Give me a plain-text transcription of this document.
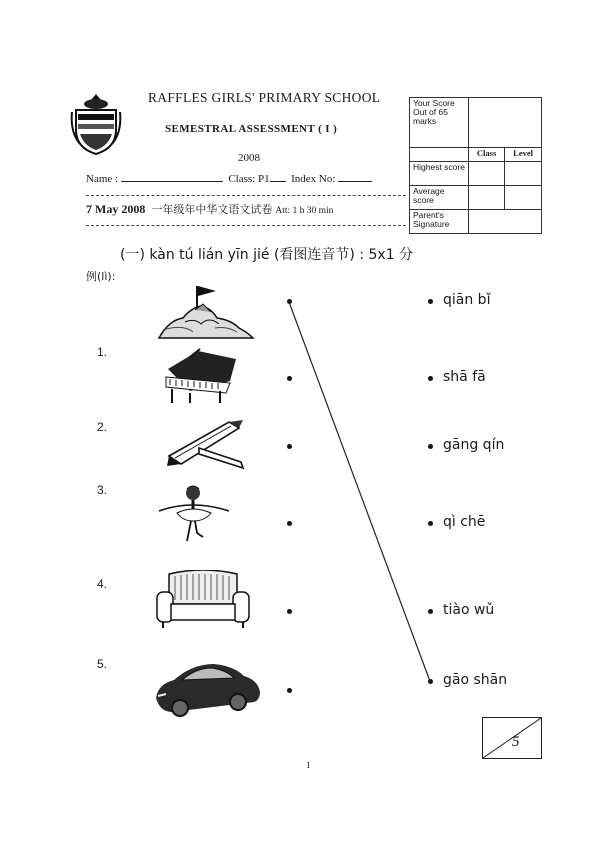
RAFFLES GIRLS' PRIMARY SCHOOL
SEMESTRAL ASSESSMENT ( I )
2008
Name :	Class: P1 Index No:
7 May 2008 一年级年中华文语文试卷 Att: 1 h 30 min
Your Score Out of 65 marks		
	Class	Level
Highest score		
Average score		
Parent's Signature		
(一) kàn tú lián yīn jié (看图连音节) : 5x1 分
例(lì):
1.
2.
3.
4.
5.
qiān bǐ
shā fā
gāng qín
qì chē
tiào wǔ
gāo shān
5
1
